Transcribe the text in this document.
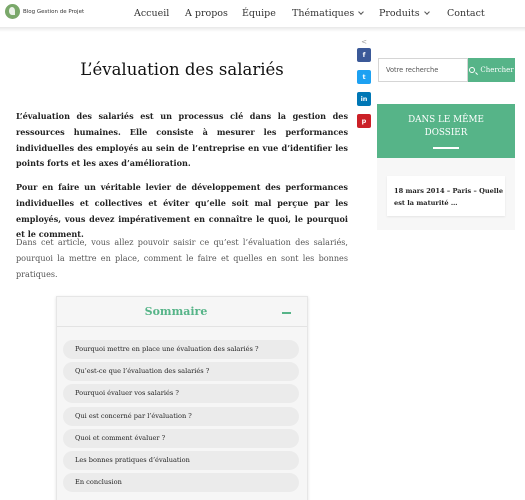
Blog Gestion de Projet	Accueil A propos Équipe Thématiques	Produits	Contact
L’évaluation des salariés

L’évaluation des salariés est un processus clé dans la gestion des ressources humaines. Elle consiste à mesurer les performances individuelles des employés au sein de l’entreprise en vue d’identifier les points forts et les axes d’amélioration.

Pour en faire un véritable levier de développement des performances individuelles et collectives et éviter qu’elle soit mal perçue par les employés, vous devez impérativement en connaître le quoi, le pourquoi et le comment.

Dans cet article, vous allez pouvoir saisir ce qu’est l’évaluation des salariés, pourquoi la mettre en place, comment le faire et quelles en sont les bonnes pratiques.

<
f
t
in
p
Sommaire
Pourquoi mettre en place une évaluation des salariés ?
Qu’est-ce que l’évaluation des salariés ?
Pourquoi évaluer vos salariés ?
Qui est concerné par l’évaluation ?
Quoi et comment évaluer ?
Les bonnes pratiques d’évaluation
En conclusion
Votre recherche
Chercher
DANS LE MÊME DOSSIER
18 mars 2014 – Paris – Quelle est la maturité …
